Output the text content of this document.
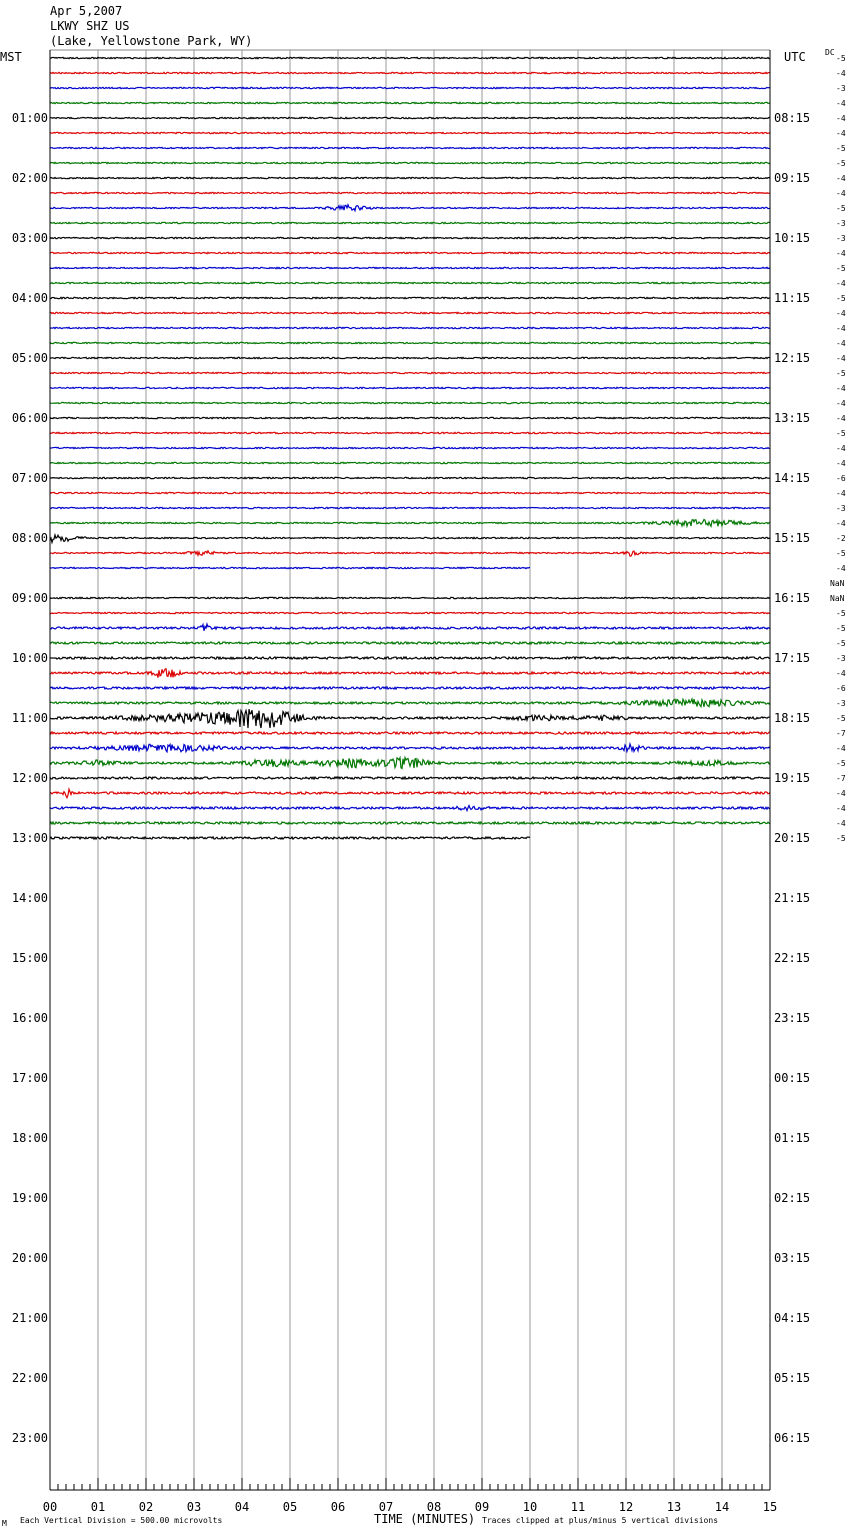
Apr 5,2007
LKWY SHZ US
(Lake, Yellowstone Park, WY)
MST	UTC DC
01:00
02:00
03:00
04:00
05:00
06:00
07:00
08:00
09:00
10:00
11:00
12:00
13:00
14:00
15:00
16:00
17:00
18:00
19:00
20:00
21:00
22:00
23:00
08:15
09:15
10:15
11:15
12:15
13:15
14:15
15:15
16:15
17:15
18:15
19:15
20:15
21:15
22:15
23:15
00:15
01:15
02:15
03:15
04:15
05:15
06:15
-5
-4
-3
-4
-4
-4
-5
-5
-4
-4
-5
-3
-3
-4
-5
-4
-5
-4
-4
-4
-4
-5
-4
-4
-4
-5
-4
-4
-6
-4
-3
-4
-2
-5
-4
NaN
NaN
-5
-5
-5
-3
-4
-6
-3
-5
-7
-4
-5
-7
-4
-4
-4
-5
00	01	02	03	04	05	06	07	08	09	10	11	12	13	14	15
M Each Vertical Division = 500.00 microvolts	TIME (MINUTES) Traces clipped at plus/minus 5 vertical divisions
